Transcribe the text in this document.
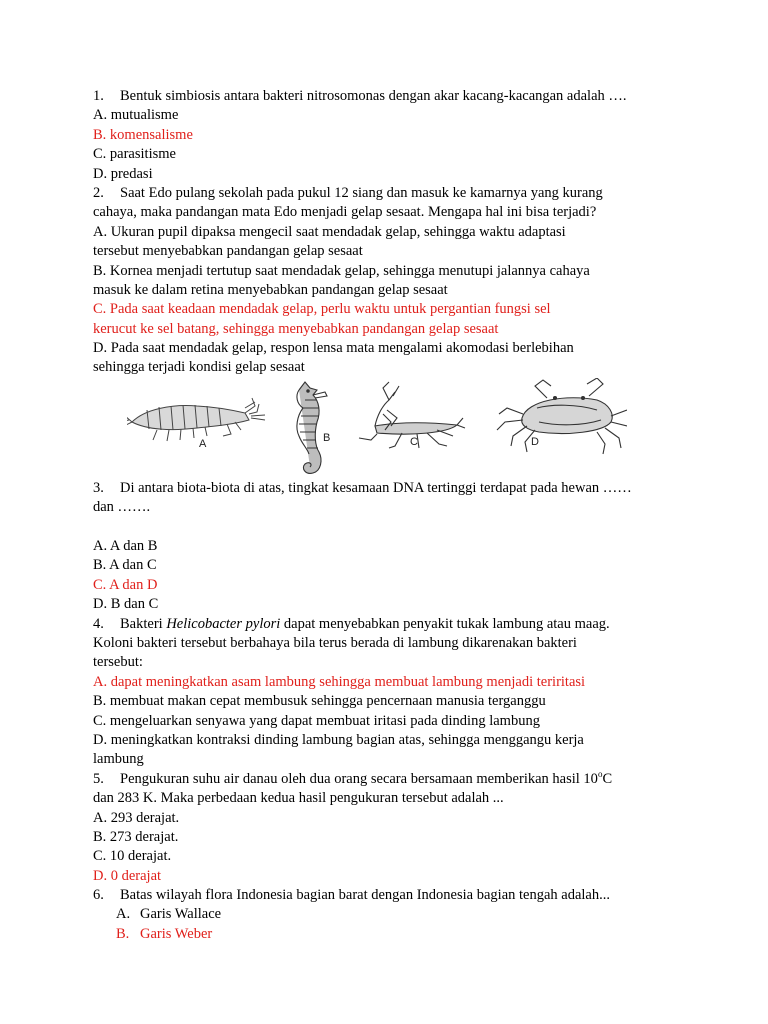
1. Bentuk simbiosis antara bakteri nitrosomonas dengan akar kacang-kacangan adalah ….
A. mutualisme
B. komensalisme
C. parasitisme
D. predasi
2. Saat Edo pulang sekolah pada pukul 12 siang dan masuk ke kamarnya yang kurang
cahaya, maka pandangan mata Edo menjadi gelap sesaat. Mengapa hal ini bisa terjadi?
A. Ukuran pupil dipaksa mengecil saat mendadak gelap, sehingga waktu adaptasi
tersebut menyebabkan pandangan gelap sesaat
B. Kornea menjadi tertutup saat mendadak gelap, sehingga menutupi jalannya cahaya
masuk ke dalam retina menyebabkan pandangan gelap sesaat
C. Pada saat keadaan mendadak gelap, perlu waktu untuk pergantian fungsi sel
kerucut ke sel batang, sehingga menyebabkan pandangan gelap sesaat
D. Pada saat mendadak gelap, respon lensa mata mengalami akomodasi berlebihan
sehingga terjadi kondisi gelap sesaat
A	B	C	D
3. Di antara biota-biota di atas, tingkat kesamaan DNA tertinggi terdapat pada hewan ……
dan …….
A. A dan B
B. A dan C
C. A dan D
D. B dan C
4. Bakteri Helicobacter pylori dapat menyebabkan penyakit tukak lambung atau maag.
Koloni bakteri tersebut berbahaya bila terus berada di lambung dikarenakan bakteri
tersebut:
A. dapat meningkatkan asam lambung sehingga membuat lambung menjadi teriritasi
B. membuat makan cepat membusuk sehingga pencernaan manusia terganggu
C. mengeluarkan senyawa yang dapat membuat iritasi pada dinding lambung
D. meningkatkan kontraksi dinding lambung bagian atas, sehingga menggangu kerja
lambung
5. Pengukuran suhu air danau oleh dua orang secara bersamaan memberikan hasil 10$^o$C
dan 283 K. Maka perbedaan kedua hasil pengukuran tersebut adalah ...
A. 293 derajat.
B. 273 derajat.
C. 10 derajat.
D. 0 derajat
6. Batas wilayah flora Indonesia bagian barat dengan Indonesia bagian tengah adalah...
A. Garis Wallace
B. Garis Weber
